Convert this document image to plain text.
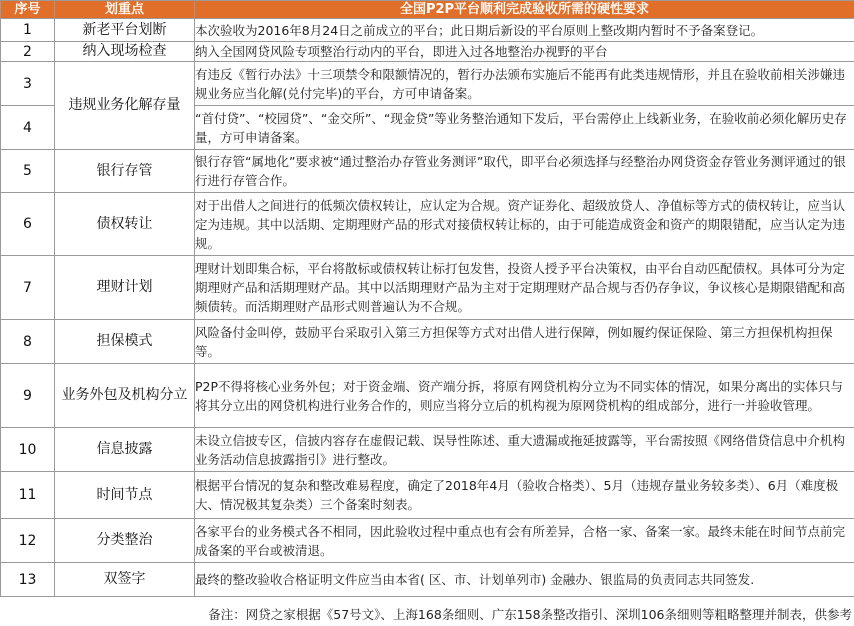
序号	划重点	全国P2P平台顺利完成验收所需的硬性要求
1	新老平台划断	本次验收为2016年8月24日之前成立的平台；此日期后新设的平台原则上整改期内暂时不予备案登记。
2	纳入现场检查	纳入全国网贷风险专项整治行动内的平台，即进入过各地整治办视野的平台
3	违规业务化解存量	有违反《暂行办法》十三项禁令和限额情况的，暂行办法颁布实施后不能再有此类违规情形，并且在验收前相关涉嫌违规业务应当化解(兑付完毕)的平台，方可申请备案。
4		“首付贷”、“校园贷”、“金交所”、“现金贷”等业务整治通知下发后，平台需停止上线新业务，在验收前必须化解历史存量，方可申请备案。
5	银行存管	银行存管“属地化”要求被“通过整治办存管业务测评”取代，即平台必须选择与经整治办网贷资金存管业务测评通过的银行进行存管合作。
6	债权转让	对于出借人之间进行的低频次债权转让，应认定为合规。资产证券化、超级放贷人、净值标等方式的债权转让，应当认定为违规。其中以活期、定期理财产品的形式对接债权转让标的，由于可能造成资金和资产的期限错配，应当认定为违规。
7	理财计划	理财计划即集合标，平台将散标或债权转让标打包发售，投资人授予平台决策权，由平台自动匹配债权。具体可分为定期理财产品和活期理财产品。其中以活期理财产品为主对于定期理财产品合规与否仍存争议，争议核心是期限错配和高频债转。而活期理财产品形式则普遍认为不合规。
8	担保模式	风险备付金叫停，鼓励平台采取引入第三方担保等方式对出借人进行保障，例如履约保证保险、第三方担保机构担保等。
9	业务外包及机构分立	P2P不得将核心业务外包；对于资金端、资产端分拆，将原有网贷机构分立为不同实体的情况，如果分离出的实体只与将其分立出的网贷机构进行业务合作的，则应当将分立后的机构视为原网贷机构的组成部分，进行一并验收管理。
10	信息披露	未设立信披专区，信披内容存在虚假记载、误导性陈述、重大遗漏或拖延披露等，平台需按照《网络借贷信息中介机构业务活动信息披露指引》进行整改。
11	时间节点	根据平台情况的复杂和整改难易程度，确定了2018年4月（验收合格类）、5月（违规存量业务较多类）、6月（难度极大、情况极其复杂类）三个备案时刻表。
12	分类整治	各家平台的业务模式各不相同，因此验收过程中重点也有会有所差异，合格一家、备案一家。最终未能在时间节点前完成备案的平台或被清退。
13	双签字	最终的整改验收合格证明文件应当由本省( 区、市、计划单列市) 金融办、银监局的负责同志共同签发.
备注：网贷之家根据《57号文》、上海168条细则、广东158条整改指引、深圳106条细则等粗略整理并制表，供参考
